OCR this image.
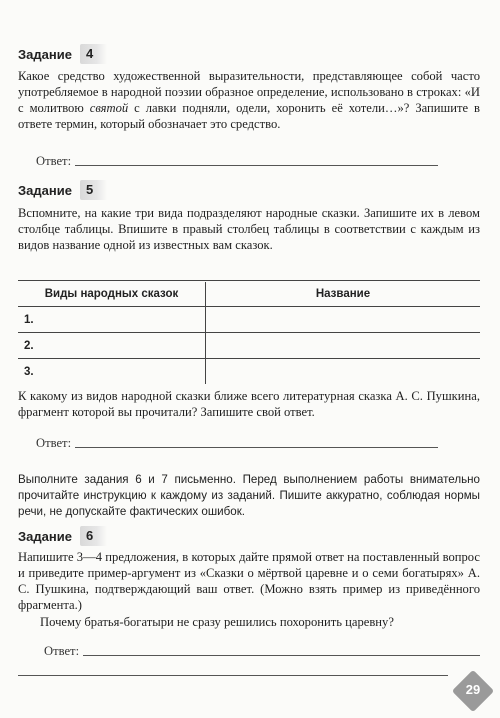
Задание	4
Какое средство художественной выразительности, представляющее собой часто употребляемое в народной поэзии образное определение, использовано в строках: «И с молитвою святой с лавки подняли, одели, хоронить её хотели…»? Запишите в ответе термин, который обозначает это средство.
Ответ:
Задание	5
Вспомните, на какие три вида подразделяют народные сказки. Запишите их в левом столбце таблицы. Впишите в правый столбец таблицы в соответствии с каждым из видов название одной из известных вам сказок.
Виды народных сказок	Название
1.	
2.	
3.	
К какому из видов народной сказки ближе всего литературная сказка А. С. Пушкина, фрагмент которой вы прочитали? Запишите свой ответ.
Ответ:
Выполните задания 6 и 7 письменно. Перед выполнением работы внимательно прочитайте инструкцию к каждому из заданий. Пишите аккуратно, соблюдая нормы речи, не допускайте фактических ошибок.
Задание	6
Напишите 3—4 предложения, в которых дайте прямой ответ на поставленный вопрос и приведите пример-аргумент из «Сказки о мёртвой царевне и о семи богатырях» А. С. Пушкина, подтверждающий ваш ответ. (Можно взять пример из приведённого фрагмента.)
Почему братья-богатыри не сразу решились похоронить царевну?
Ответ:
29
